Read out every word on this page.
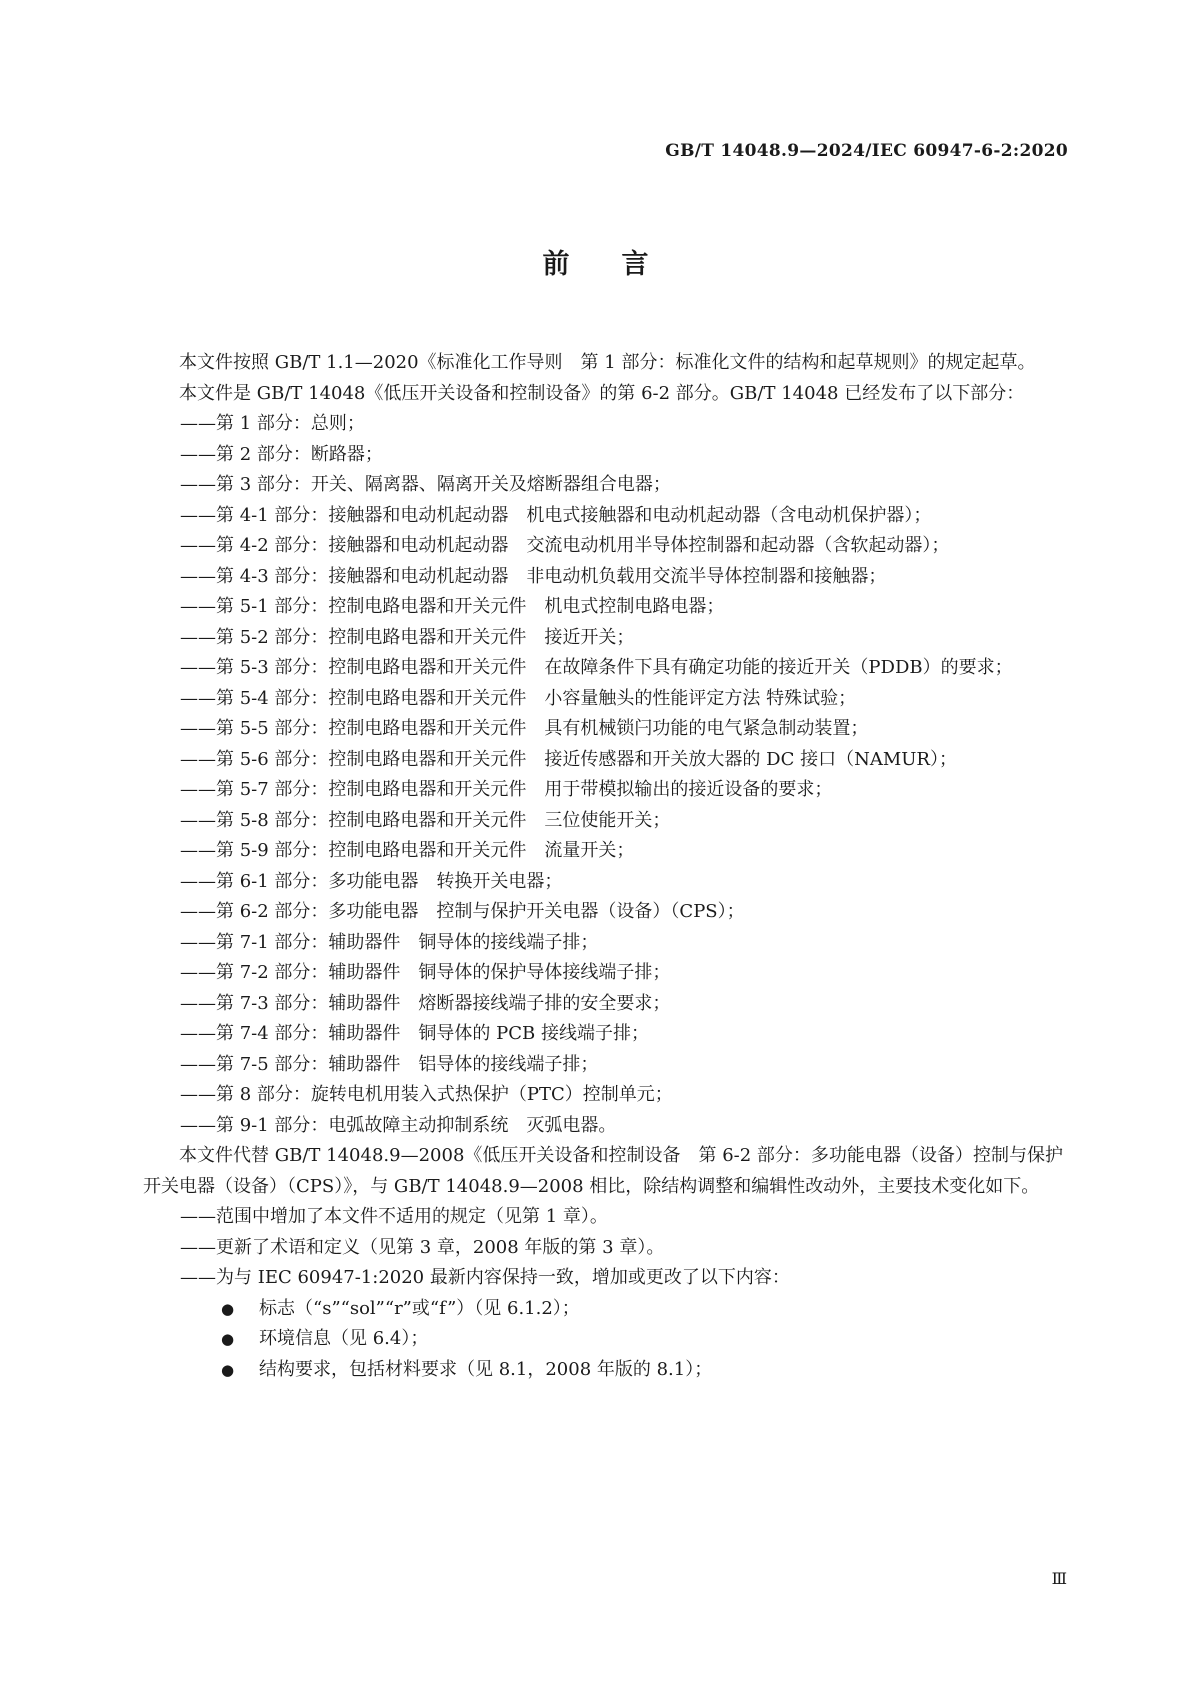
GB/T 14048.9—2024/IEC 60947-6-2:2020
前言

本文件按照 GB/T 1.1—2020《标准化工作导则　第 1 部分：标准化文件的结构和起草规则》的规定起草。

本文件是 GB/T 14048《低压开关设备和控制设备》的第 6-2 部分。GB/T 14048 已经发布了以下部分：

——第 1 部分：总则；

——第 2 部分：断路器；

——第 3 部分：开关、隔离器、隔离开关及熔断器组合电器；

——第 4-1 部分：接触器和电动机起动器　机电式接触器和电动机起动器（含电动机保护器）；

——第 4-2 部分：接触器和电动机起动器　交流电动机用半导体控制器和起动器（含软起动器）；

——第 4-3 部分：接触器和电动机起动器　非电动机负载用交流半导体控制器和接触器；

——第 5-1 部分：控制电路电器和开关元件　机电式控制电路电器；

——第 5-2 部分：控制电路电器和开关元件　接近开关；

——第 5-3 部分：控制电路电器和开关元件　在故障条件下具有确定功能的接近开关（PDDB）的要求；

——第 5-4 部分：控制电路电器和开关元件　小容量触头的性能评定方法 特殊试验；

——第 5-5 部分：控制电路电器和开关元件　具有机械锁闩功能的电气紧急制动装置；

——第 5-6 部分：控制电路电器和开关元件　接近传感器和开关放大器的 DC 接口（NAMUR）；

——第 5-7 部分：控制电路电器和开关元件　用于带模拟输出的接近设备的要求；

——第 5-8 部分：控制电路电器和开关元件　三位使能开关；

——第 5-9 部分：控制电路电器和开关元件　流量开关；

——第 6-1 部分：多功能电器　转换开关电器；

——第 6-2 部分：多功能电器　控制与保护开关电器（设备）（CPS）；

——第 7-1 部分：辅助器件　铜导体的接线端子排；

——第 7-2 部分：辅助器件　铜导体的保护导体接线端子排；

——第 7-3 部分：辅助器件　熔断器接线端子排的安全要求；

——第 7-4 部分：辅助器件　铜导体的 PCB 接线端子排；

——第 7-5 部分：辅助器件　铝导体的接线端子排；

——第 8 部分：旋转电机用装入式热保护（PTC）控制单元；

——第 9-1 部分：电弧故障主动抑制系统　灭弧电器。

本文件代替 GB/T 14048.9—2008《低压开关设备和控制设备　第 6-2 部分：多功能电器（设备）控制与保护开关电器（设备）（CPS）》，与 GB/T 14048.9—2008 相比，除结构调整和编辑性改动外，主要技术变化如下。

——范围中增加了本文件不适用的规定（见第 1 章）。

——更新了术语和定义（见第 3 章，2008 年版的第 3 章）。

——为与 IEC 60947-1:2020 最新内容保持一致，增加或更改了以下内容：

● 标志（“s”“sol”“r”或“f”）（见 6.1.2）；

● 环境信息（见 6.4）；

● 结构要求，包括材料要求（见 8.1，2008 年版的 8.1）；

Ⅲ
